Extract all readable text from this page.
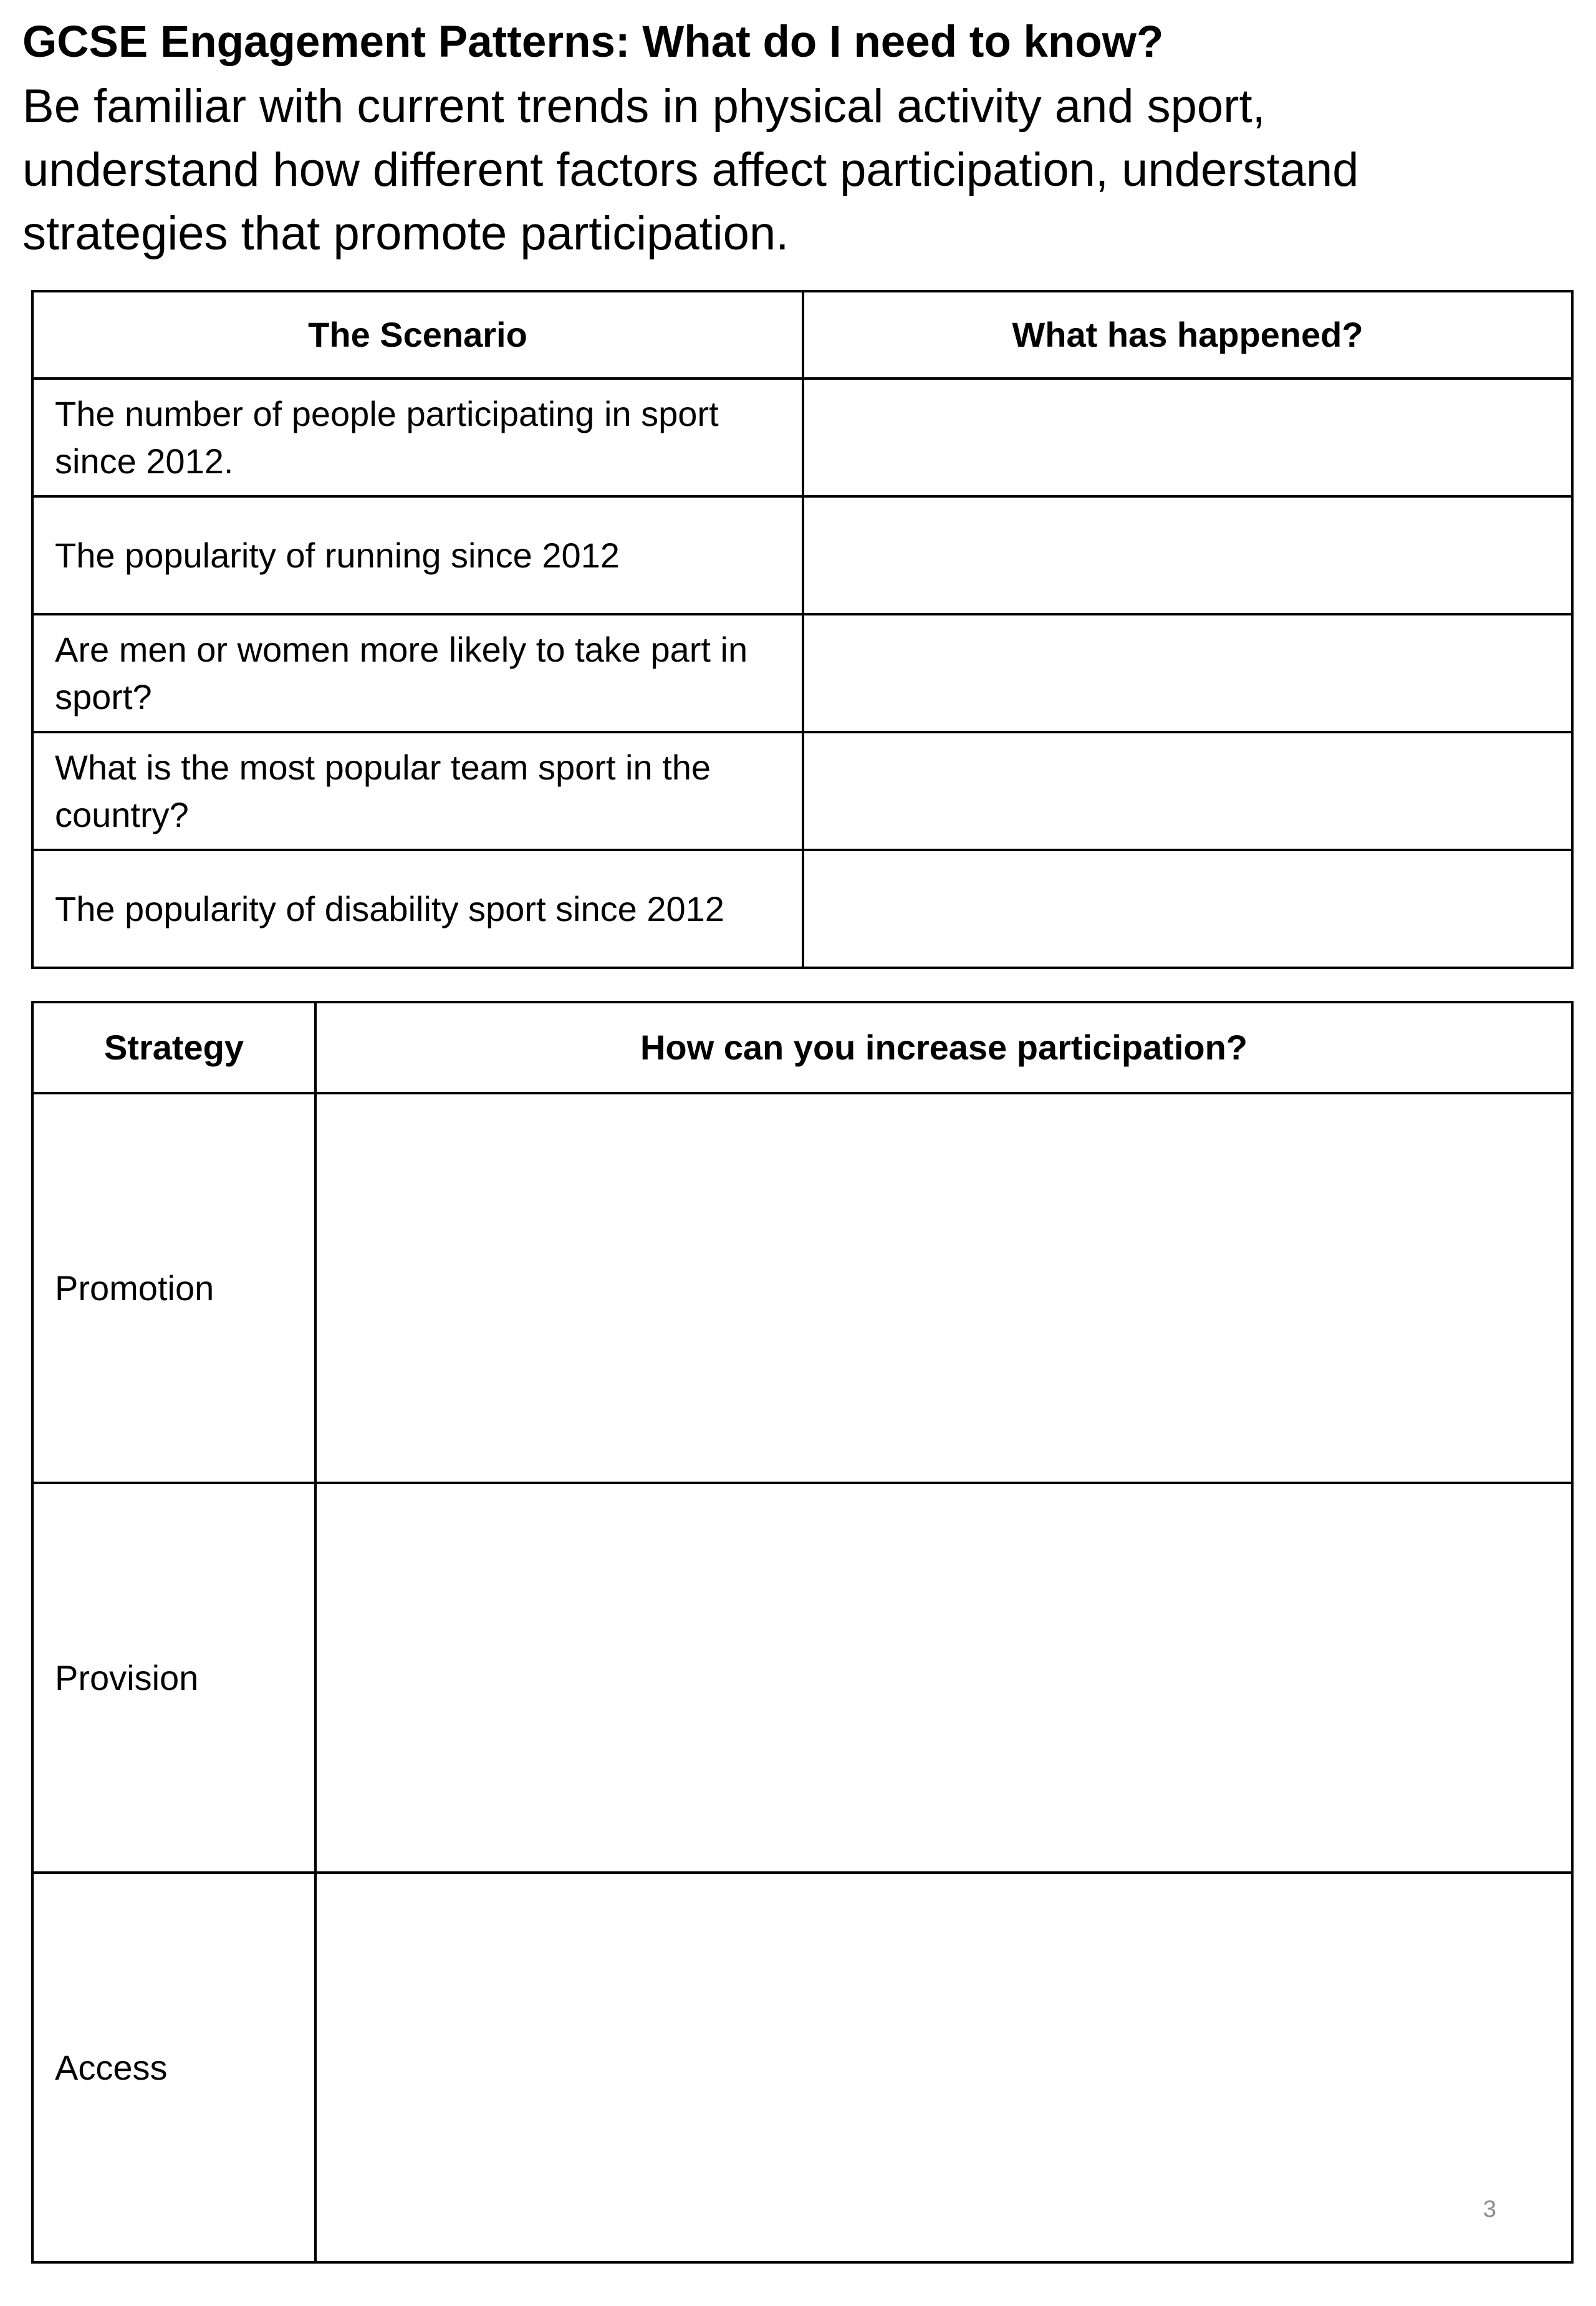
GCSE Engagement Patterns: What do I need to know?

Be familiar with current trends in physical activity and sport,
understand how different factors affect participation, understand
strategies that promote participation.

The Scenario	What has happened?
The number of people participating in sport since 2012.	
The popularity of running since 2012	
Are men or women more likely to take part in sport?	
What is the most popular team sport in the country?	
The popularity of disability sport since 2012	
Strategy	How can you increase participation?
Promotion	
Provision	
Access	
3
